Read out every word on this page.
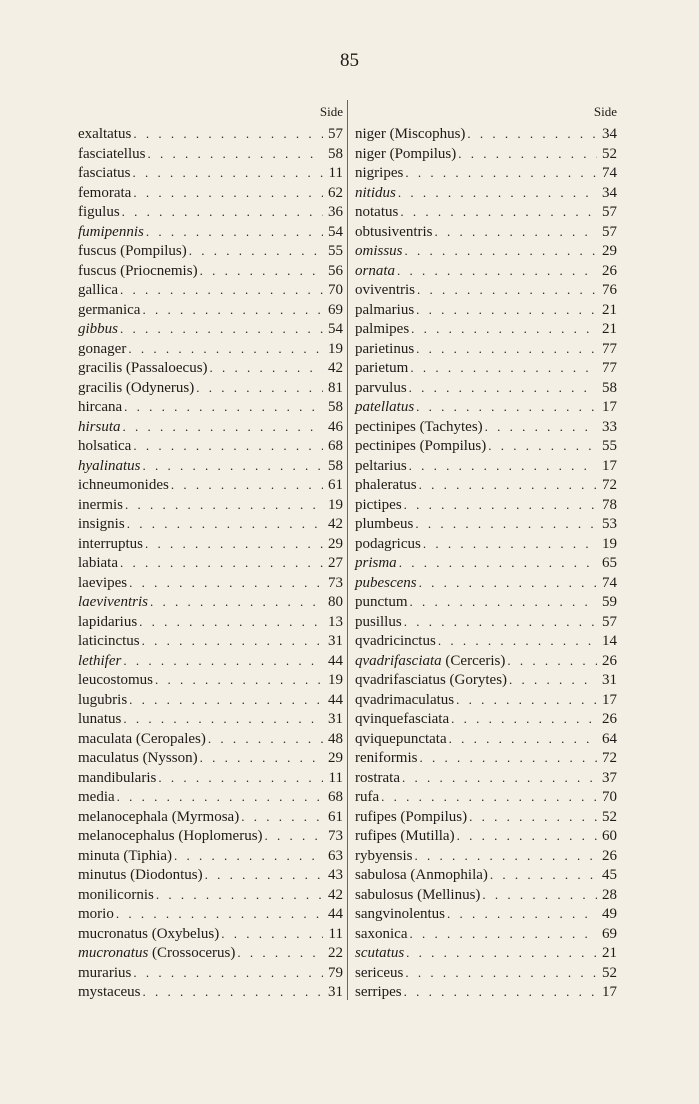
85
Side
exaltatus . . .	57
fasciatellus . . .	58
fasciatus . . .	11
femorata . . .	62
figulus . . .	36
fumipennis . . .	54
fuscus (Pompilus) . . .	55
fuscus (Priocnemis) . . .	56
gallica . . .	70
germanica . . .	69
gibbus . . .	54
gonager . . .	19
gracilis (Passaloecus) . . .	42
gracilis (Odynerus) . . .	81
hircana . . .	58
hirsuta . . .	46
holsatica . . .	68
hyalinatus . . .	58
ichneumonides . . .	61
inermis . . .	19
insignis . . .	42
interruptus . . .	29
labiata . . .	27
laevipes . . .	73
laeviventris . . .	80
lapidarius . . .	13
laticinctus . . .	31
lethifer . . .	44
leucostomus . . .	19
lugubris . . .	44
lunatus . . .	31
maculata (Ceropales) . . .	48
maculatus (Nysson) . . .	29
mandibularis . . .	11
media . . .	68
melanocephala (Myrmosa) . . .	61
melanocephalus (Hoplomerus) . . .	73
minuta (Tiphia) . . .	63
minutus (Diodontus) . . .	43
monilicornis . . .	42
morio . . .	44
mucronatus (Oxybelus) . . .	11
mucronatus (Crossocerus) . . .	22
murarius . . .	79
mystaceus . . .	31
Side
niger (Miscophus) . . .	34
niger (Pompilus) . . .	52
nigripes . . .	74
nitidus . . .	34
notatus . . .	57
obtusiventris . . .	57
omissus . . .	29
ornata . . .	26
oviventris . . .	76
palmarius . . .	21
palmipes . . .	21
parietinus . . .	77
parietum . . .	77
parvulus . . .	58
patellatus . . .	17
pectinipes (Tachytes) . . .	33
pectinipes (Pompilus) . . .	55
peltarius . . .	17
phaleratus . . .	72
pictipes . . .	78
plumbeus . . .	53
podagricus . . .	19
prisma . . .	65
pubescens . . .	74
punctum . . .	59
pusillus . . .	57
qvadricinctus . . .	14
qvadrifasciata (Cerceris) . . .	26
qvadrifasciatus (Gorytes) . . .	31
qvadrimaculatus . . .	17
qvinquefasciata . . .	26
qviquepunctata . . .	64
reniformis . . .	72
rostrata . . .	37
rufa . . .	70
rufipes (Pompilus) . . .	52
rufipes (Mutilla) . . .	60
rybyensis . . .	26
sabulosa (Anmophila) . . .	45
sabulosus (Mellinus) . . .	28
sangvinolentus . . .	49
saxonica . . .	69
scutatus . . .	21
sericeus . . .	52
serripes . . .	17
